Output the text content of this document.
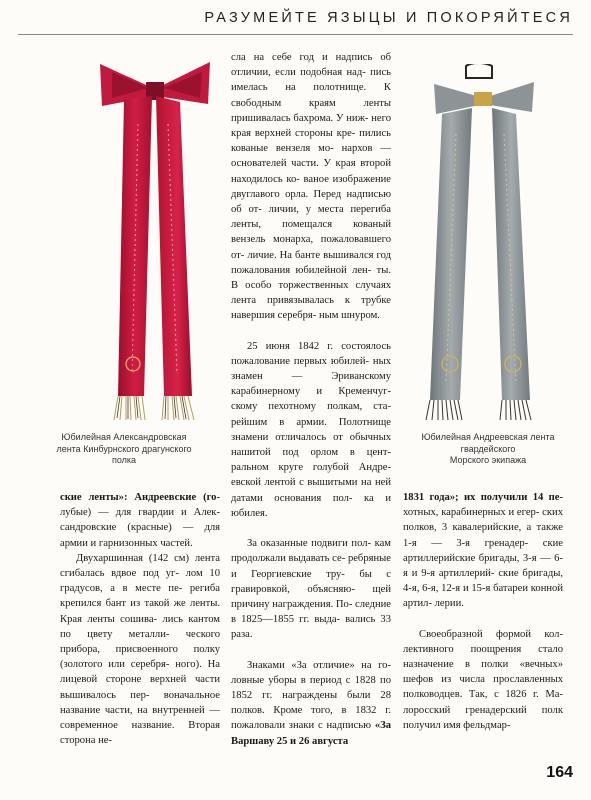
РАЗУМЕЙТЕ ЯЗЫЦЫ И ПОКОРЯЙТЕСЯ
Юбилейная Александровская
лента Кинбурнского драгунского
полка
Юбилейная Андреевская лента
гвардейского
Морского экипажа

сла на себе год и надпись об отличии, если подобная над- пись имелась на полотнище. К свободным краям ленты пришивалась бахрома. У ниж- него края верхней стороны кре- пились кованые вензеля мо- нархов — основателей части. У края второй находилось ко- ваное изображение двуглавого орла. Перед надписью об от- личии, у места перегиба ленты, помещался кованый вензель монарха, пожаловавшего от- личие. На банте вышивался год пожалования юбилейной лен- ты. В особо торжественных случаях лента привязывалась к трубке навершия серебря- ным шнуром.

25 июня 1842 г. состоялось пожалование первых юбилей- ных знамен — Эриванскому карабинерному и Кременчуг- скому пехотному полкам, ста- рейшим в армии. Полотнище знамени отличалось от обычных нашитой под орлом в цент- ральном круге голубой Андре- евской лентой с вышитыми на ней датами основания пол- ка и юбилея.

За оказанные подвиги пол- кам продолжали выдавать се- ребряные и Георгиевские тру- бы с гравировкой, объясняю- щей причину награждения. По- следние в 1825—1855 гг. выда- вались 33 раза.

Знаками «За отличие» на го- ловные уборы в период с 1828 по 1852 гг. награждены были 28 полков. Кроме того, в 1832 г. пожаловали знаки с надписью «За Варшаву 25 и 26 августа

ские ленты»: Андреевские (го- лубые) — для гвардии и Алек- сандровские (красные) — для армии и гарнизонных частей.

Двухаршинная (142 см) лента сгибалась вдвое под уг- лом 10 градусов, а в месте пе- региба крепился бант из такой же ленты. Края ленты сошива- лись кантом по цвету металли- ческого прибора, присвоенного полку (золотого или серебря- ного). На лицевой стороне верхней части вышивалось пер- воначальное название части, на внутренней — современное название. Вторая сторона не-

1831 года»; их получили 14 пе- хотных, карабинерных и егер- ских полков, 3 кавалерийские, а также 1-я — 3-я гренадер- ские артиллерийские бригады, 3-я — 6-я и 9-я артиллерий- ские бригады, 4-я, 6-я, 12-я и 15-я батареи конной артил- лерии.

Своеобразной формой кол- лективного поощрения стало назначение в полки «вечных» шефов из числа прославленных полководцев. Так, с 1826 г. Ма- лоросский гренадерский полк получил имя фельдмар-

164
